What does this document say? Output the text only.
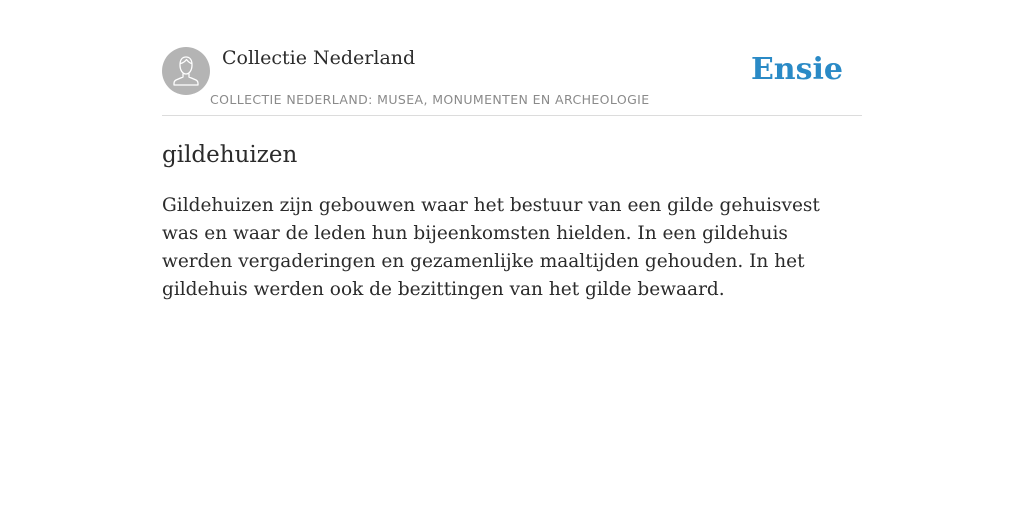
Collectie Nederland
COLLECTIE NEDERLAND: MUSEA, MONUMENTEN EN ARCHEOLOGIE
Ensie
gildehuizen

Gildehuizen zijn gebouwen waar het bestuur van een gilde gehuisvest was en waar de leden hun bijeenkomsten hielden. In een gildehuis werden vergaderingen en gezamenlijke maaltijden gehouden. In het gildehuis werden ook de bezittingen van het gilde bewaard.
